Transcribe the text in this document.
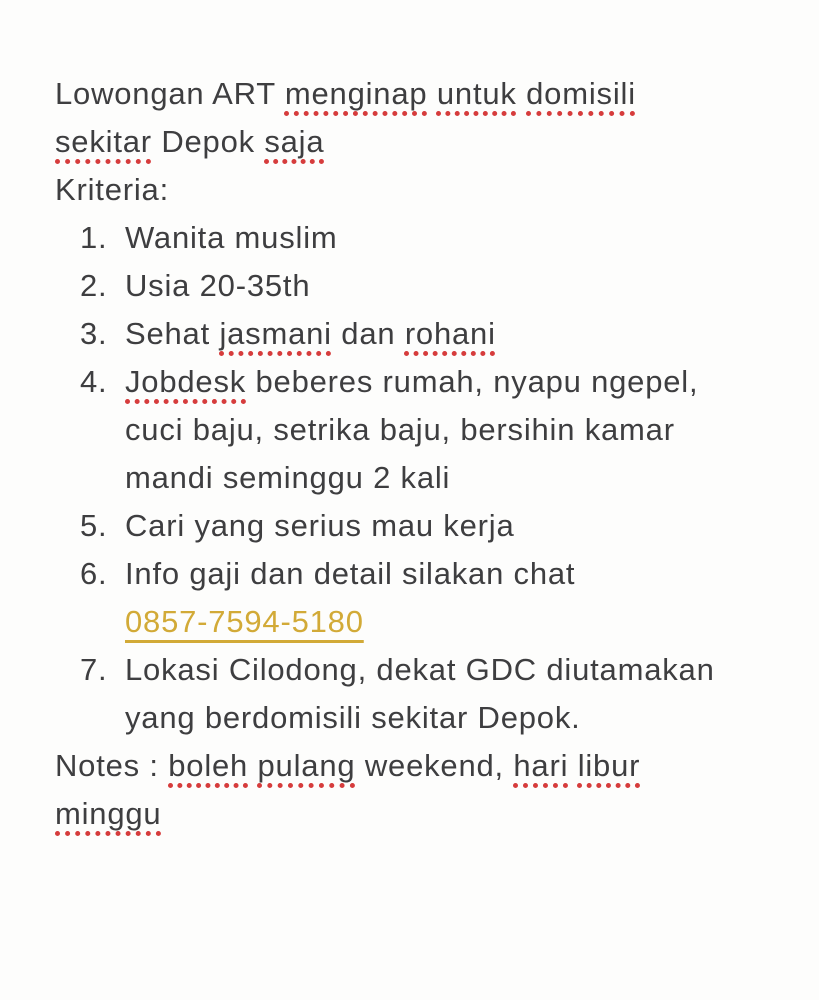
Lowongan ART menginap untuk domisili
sekitar Depok saja
Kriteria:
1. Wanita muslim
2. Usia 20-35th
3. Sehat jasmani dan rohani
4. Jobdesk beberes rumah, nyapu ngepel,
cuci baju, setrika baju, bersihin kamar
mandi seminggu 2 kali
5. Cari yang serius mau kerja
6. Info gaji dan detail silakan chat
0857-7594-5180
7. Lokasi Cilodong, dekat GDC diutamakan
yang berdomisili sekitar Depok.
Notes : boleh pulang weekend, hari libur
minggu
